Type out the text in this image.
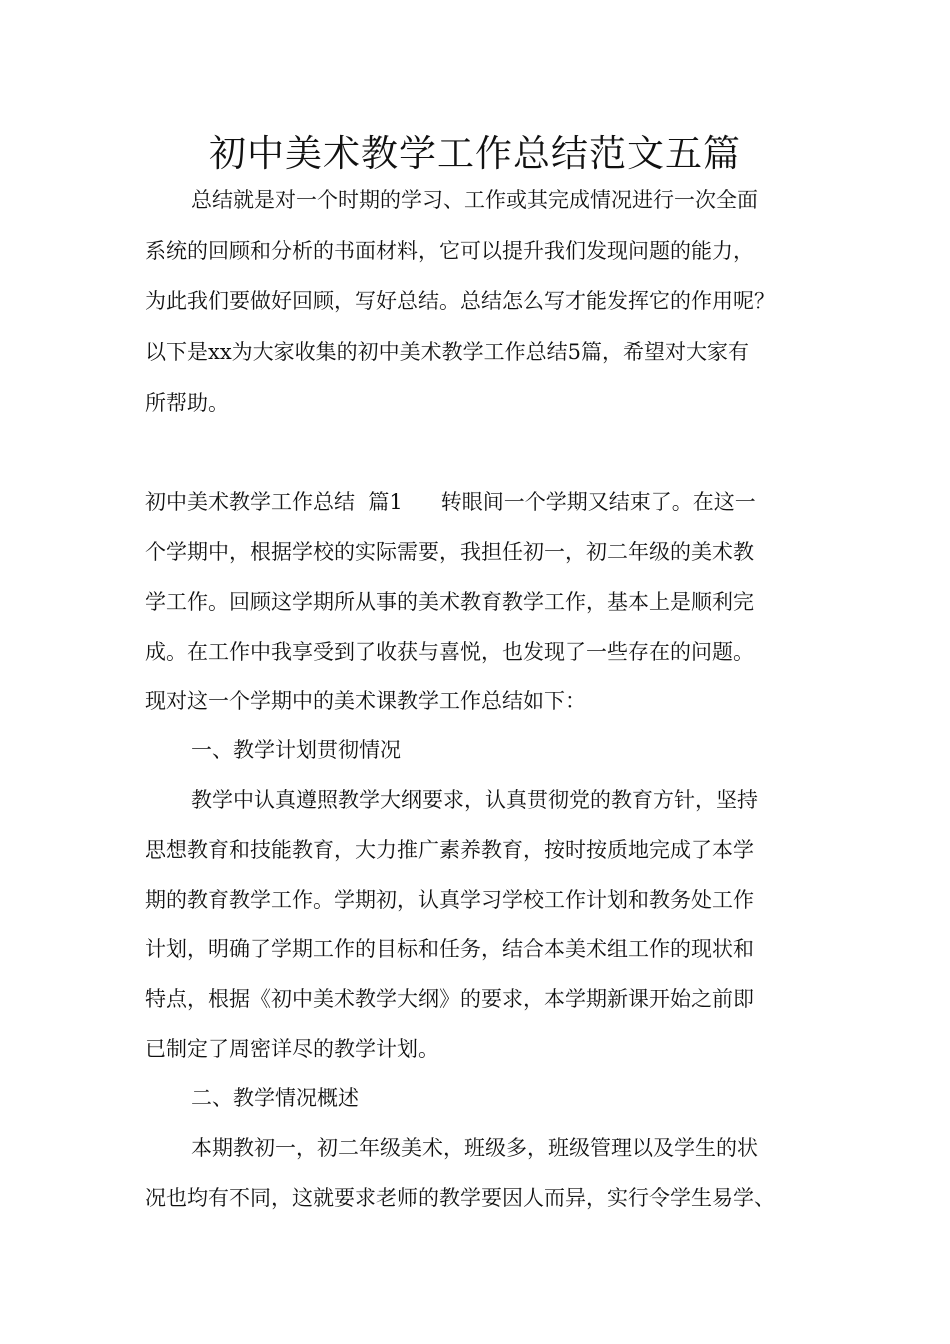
初中美术教学工作总结范文五篇

总结就是对一个时期的学习、工作或其完成情况进行一次全面

系统的回顾和分析的书面材料，它可以提升我们发现问题的能力，

为此我们要做好回顾，写好总结。总结怎么写才能发挥它的作用呢？

以下是xx为大家收集的初中美术教学工作总结5篇，希望对大家有

所帮助。

初中美术教学工作总结  篇1 转眼间一个学期又结束了。在这一

个学期中，根据学校的实际需要，我担任初一，初二年级的美术教

学工作。回顾这学期所从事的美术教育教学工作，基本上是顺利完

成。在工作中我享受到了收获与喜悦，也发现了一些存在的问题。

现对这一个学期中的美术课教学工作总结如下：

一、教学计划贯彻情况

教学中认真遵照教学大纲要求，认真贯彻党的教育方针，坚持

思想教育和技能教育，大力推广素养教育，按时按质地完成了本学

期的教育教学工作。学期初，认真学习学校工作计划和教务处工作

计划，明确了学期工作的目标和任务，结合本美术组工作的现状和

特点，根据《初中美术教学大纲》的要求，本学期新课开始之前即

已制定了周密详尽的教学计划。

二、教学情况概述

本期教初一，初二年级美术，班级多，班级管理以及学生的状

况也均有不同，这就要求老师的教学要因人而异，实行令学生易学、
